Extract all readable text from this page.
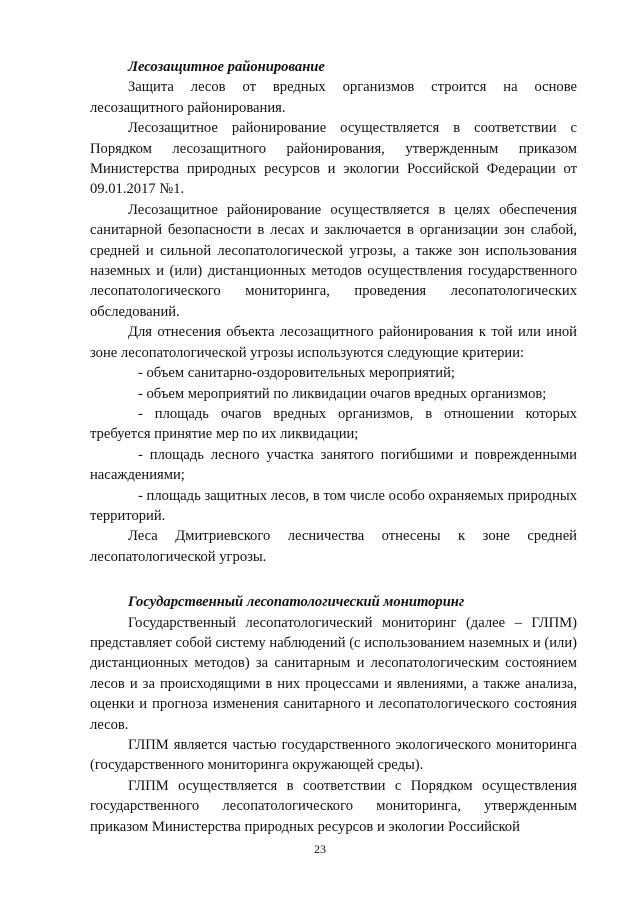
Лесозащитное районирование

Защита лесов от вредных организмов строится на основе лесозащитного районирования.

Лесозащитное районирование осуществляется в соответствии с Порядком лесозащитного районирования, утвержденным приказом Министерства природных ресурсов и экологии Российской Федерации от 09.01.2017 №1.

Лесозащитное районирование осуществляется в целях обеспечения санитарной безопасности в лесах и заключается в организации зон слабой, средней и сильной лесопатологической угрозы, а также зон использования наземных и (или) дистанционных методов осуществления государственного лесопатологического мониторинга, проведения лесопатологических обследований.

Для отнесения объекта лесозащитного районирования к той или иной зоне лесопатологической угрозы используются следующие критерии:

- объем санитарно-оздоровительных мероприятий;

- объем мероприятий по ликвидации очагов вредных организмов;

- площадь очагов вредных организмов, в отношении которых требуется принятие мер по их ликвидации;

- площадь лесного участка занятого погибшими и поврежденными насаждениями;

- площадь защитных лесов, в том числе особо охраняемых природных территорий.

Леса Дмитриевского лесничества отнесены к зоне средней лесопатологической угрозы.

Государственный лесопатологический мониторинг

Государственный лесопатологический мониторинг (далее – ГЛПМ) представляет собой систему наблюдений (с использованием наземных и (или) дистанционных методов) за санитарным и лесопатологическим состоянием лесов и за происходящими в них процессами и явлениями, а также анализа, оценки и прогноза изменения санитарного и лесопатологического состояния лесов.

ГЛПМ является частью государственного экологического мониторинга (государственного мониторинга окружающей среды).

ГЛПМ осуществляется в соответствии с Порядком осуществления государственного лесопатологического мониторинга, утвержденным приказом Министерства природных ресурсов и экологии Российской

23
